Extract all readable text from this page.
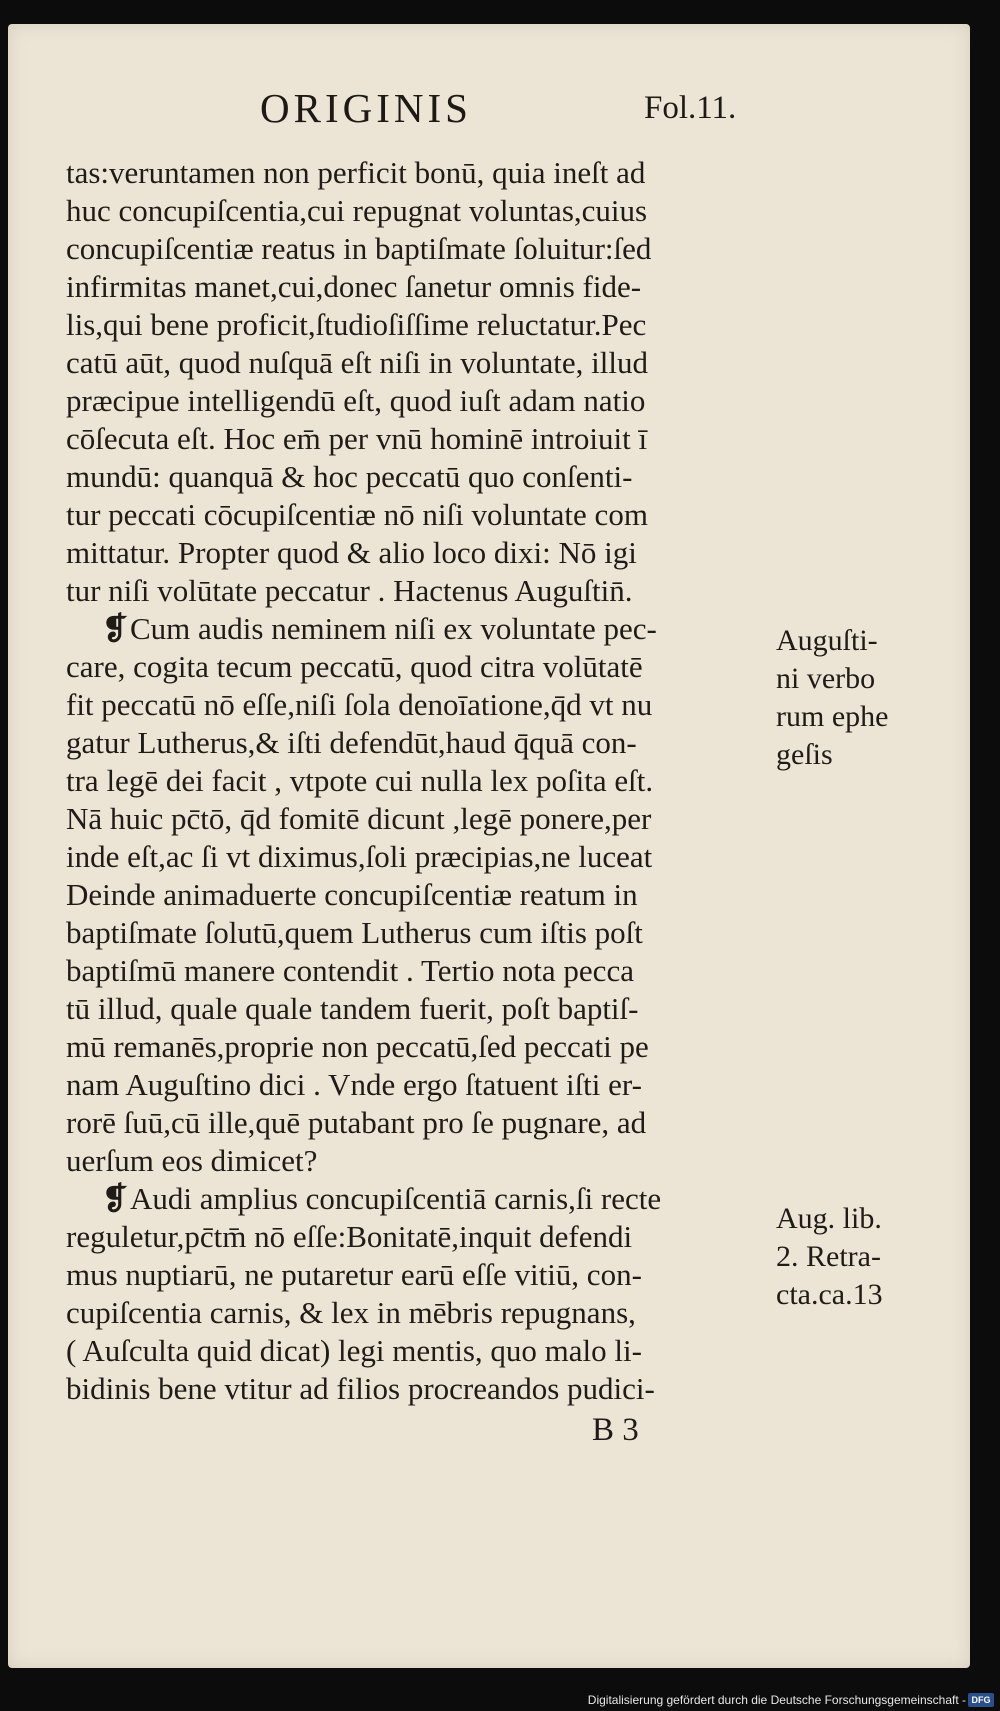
ORIGINIS	Fol.11.
tas:veruntamen non perficit bonū, quia ineſt ad
huc concupiſcentia,cui repugnat voluntas,cuius
concupiſcentiæ reatus in baptiſmate ſoluitur:ſed
infirmitas manet,cui,donec ſanetur omnis fide-
lis,qui bene proficit,ſtudioſiſſime reluctatur.Pec
catū aūt, quod nuſquā eſt niſi in voluntate, illud
præcipue intelligendū eſt, quod iuſt adam natio
cōſecuta eſt. Hoc em̄ per vnū hominē introiuit ī
mundū: quanquā & hoc peccatū quo conſenti-
tur peccati cōcupiſcentiæ nō niſi voluntate com
mittatur. Propter quod & alio loco dixi: Nō igi
tur niſi volūtate peccatur . Hactenus Auguſtin̄.
❡Cum audis neminem niſi ex voluntate pec-
care, cogita tecum peccatū, quod citra volūtatē
fit peccatū nō eſſe,niſi ſola denoīatione,q̄d vt nu
gatur Lutherus,& iſti defendūt,haud q̄quā con-
tra legē dei facit , vtpote cui nulla lex poſita eſt.
Nā huic pc̄tō, q̄d fomitē dicunt ,legē ponere,per
inde eſt,ac ſi vt diximus,ſoli præcipias,ne luceat
Deinde animaduerte concupiſcentiæ reatum in
baptiſmate ſolutū,quem Lutherus cum iſtis poſt
baptiſmū manere contendit . Tertio nota pecca
tū illud, quale quale tandem fuerit, poſt baptiſ-
mū remanēs,proprie non peccatū,ſed peccati pe
nam Auguſtino dici . Vnde ergo ſtatuent iſti er-
rorē ſuū,cū ille,quē putabant pro ſe pugnare, ad
uerſum eos dimicet?
❡Audi amplius concupiſcentiā carnis,ſi recte
reguletur,pc̄tm̄ nō eſſe:Bonitatē,inquit defendi
mus nuptiarū, ne putaretur earū eſſe vitiū, con-
cupiſcentia carnis, & lex in mēbris repugnans,
( Auſculta quid dicat) legi mentis, quo malo li-
bidinis bene vtitur ad filios procreandos pudici-
Auguſti-
ni verbo
rum ephe
geſis
Aug. lib.
2. Retra-
cta.ca.13
B 3
Digitalisierung gefördert durch die Deutsche Forschungsgemeinschaft - DFG
